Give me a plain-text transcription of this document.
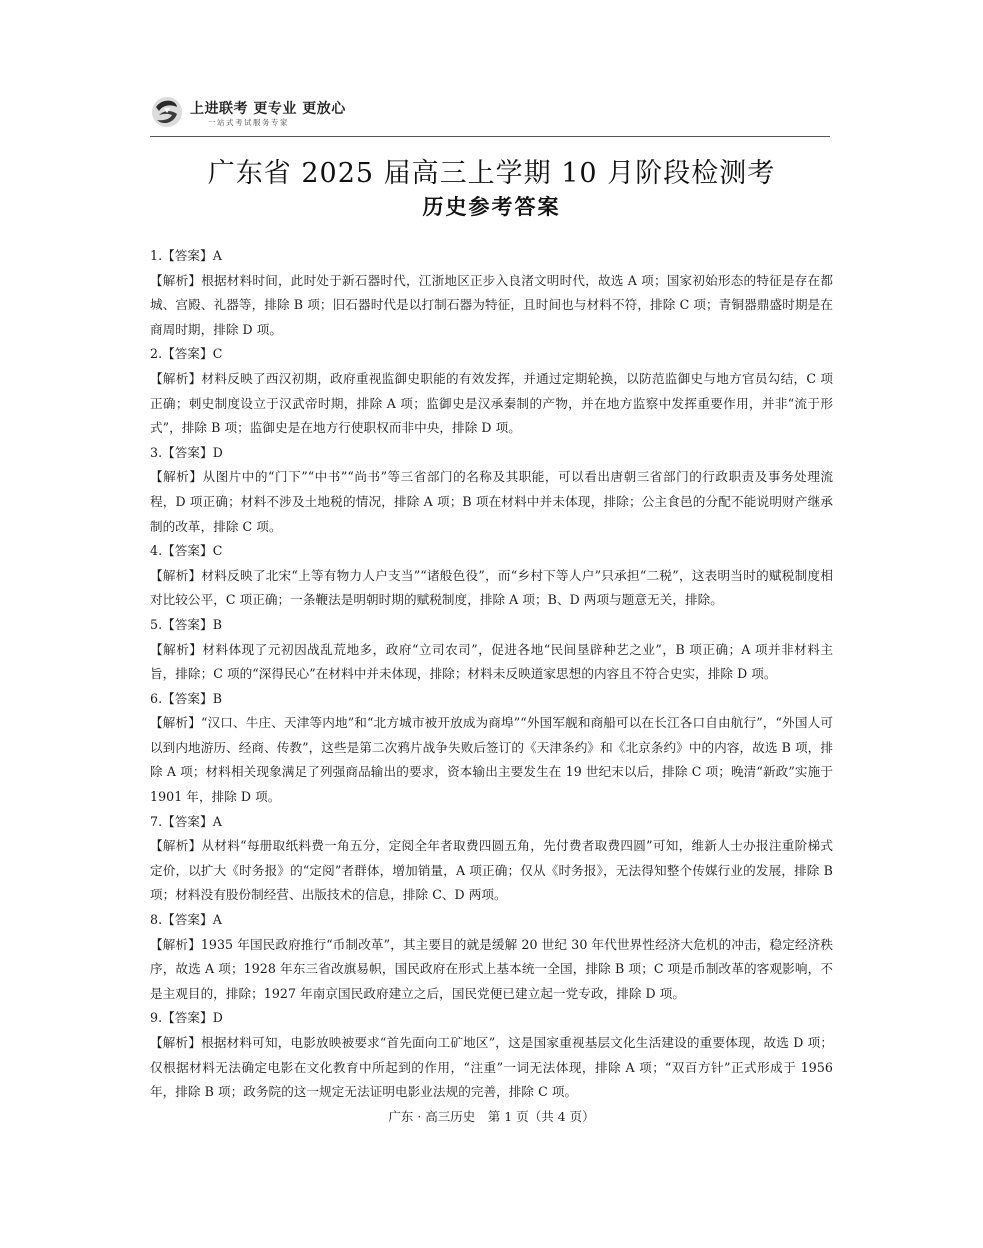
上进联考 更专业 更放心
一站式考试服务专家
广东省 2025 届高三上学期 10 月阶段检测考
历史参考答案
1.【答案】A
【解析】根据材料时间，此时处于新石器时代，江浙地区正步入良渚文明时代，故选 A 项；国家初始形态的特征是存在都城、宫殿、礼器等，排除 B 项；旧石器时代是以打制石器为特征，且时间也与材料不符，排除 C 项；青铜器鼎盛时期是在商周时期，排除 D 项。
2.【答案】C
【解析】材料反映了西汉初期，政府重视监御史职能的有效发挥，并通过定期轮换，以防范监御史与地方官员勾结，C 项正确；刺史制度设立于汉武帝时期，排除 A 项；监御史是汉承秦制的产物，并在地方监察中发挥重要作用，并非“流于形式”，排除 B 项；监御史是在地方行使职权而非中央，排除 D 项。
3.【答案】D
【解析】从图片中的“门下”“中书”“尚书”等三省部门的名称及其职能，可以看出唐朝三省部门的行政职责及事务处理流程，D 项正确；材料不涉及土地税的情况，排除 A 项；B 项在材料中并未体现，排除；公主食邑的分配不能说明财产继承制的改革，排除 C 项。
4.【答案】C
【解析】材料反映了北宋“上等有物力人户支当”“诸般色役”，而“乡村下等人户”只承担“二税”，这表明当时的赋税制度相对比较公平，C 项正确；一条鞭法是明朝时期的赋税制度，排除 A 项；B、D 两项与题意无关，排除。
5.【答案】B
【解析】材料体现了元初因战乱荒地多，政府“立司农司”，促进各地“民间垦辟种艺之业”，B 项正确；A 项并非材料主旨，排除；C 项的“深得民心”在材料中并未体现，排除；材料未反映道家思想的内容且不符合史实，排除 D 项。
6.【答案】B
【解析】“汉口、牛庄、天津等内地”和“北方城市被开放成为商埠”“外国军舰和商船可以在长江各口自由航行”，“外国人可以到内地游历、经商、传教”，这些是第二次鸦片战争失败后签订的《天津条约》和《北京条约》中的内容，故选 B 项，排除 A 项；材料相关现象满足了列强商品输出的要求，资本输出主要发生在 19 世纪末以后，排除 C 项；晚清“新政”实施于 1901 年，排除 D 项。
7.【答案】A
【解析】从材料“每册取纸料费一角五分，定阅全年者取费四圆五角，先付费者取费四圆”可知，维新人士办报注重阶梯式定价，以扩大《时务报》的“定阅”者群体，增加销量，A 项正确；仅从《时务报》，无法得知整个传媒行业的发展，排除 B 项；材料没有股份制经营、出版技术的信息，排除 C、D 两项。
8.【答案】A
【解析】1935 年国民政府推行“币制改革”，其主要目的就是缓解 20 世纪 30 年代世界性经济大危机的冲击，稳定经济秩序，故选 A 项；1928 年东三省改旗易帜，国民政府在形式上基本统一全国，排除 B 项；C 项是币制改革的客观影响，不是主观目的，排除；1927 年南京国民政府建立之后，国民党便已建立起一党专政，排除 D 项。
9.【答案】D
【解析】根据材料可知，电影放映被要求“首先面向工矿地区”，这是国家重视基层文化生活建设的重要体现，故选 D 项；仅根据材料无法确定电影在文化教育中所起到的作用，“注重”一词无法体现，排除 A 项；“双百方针”正式形成于 1956 年，排除 B 项；政务院的这一规定无法证明电影业法规的完善，排除 C 项。
广东 · 高三历史　第 1 页（共 4 页）
